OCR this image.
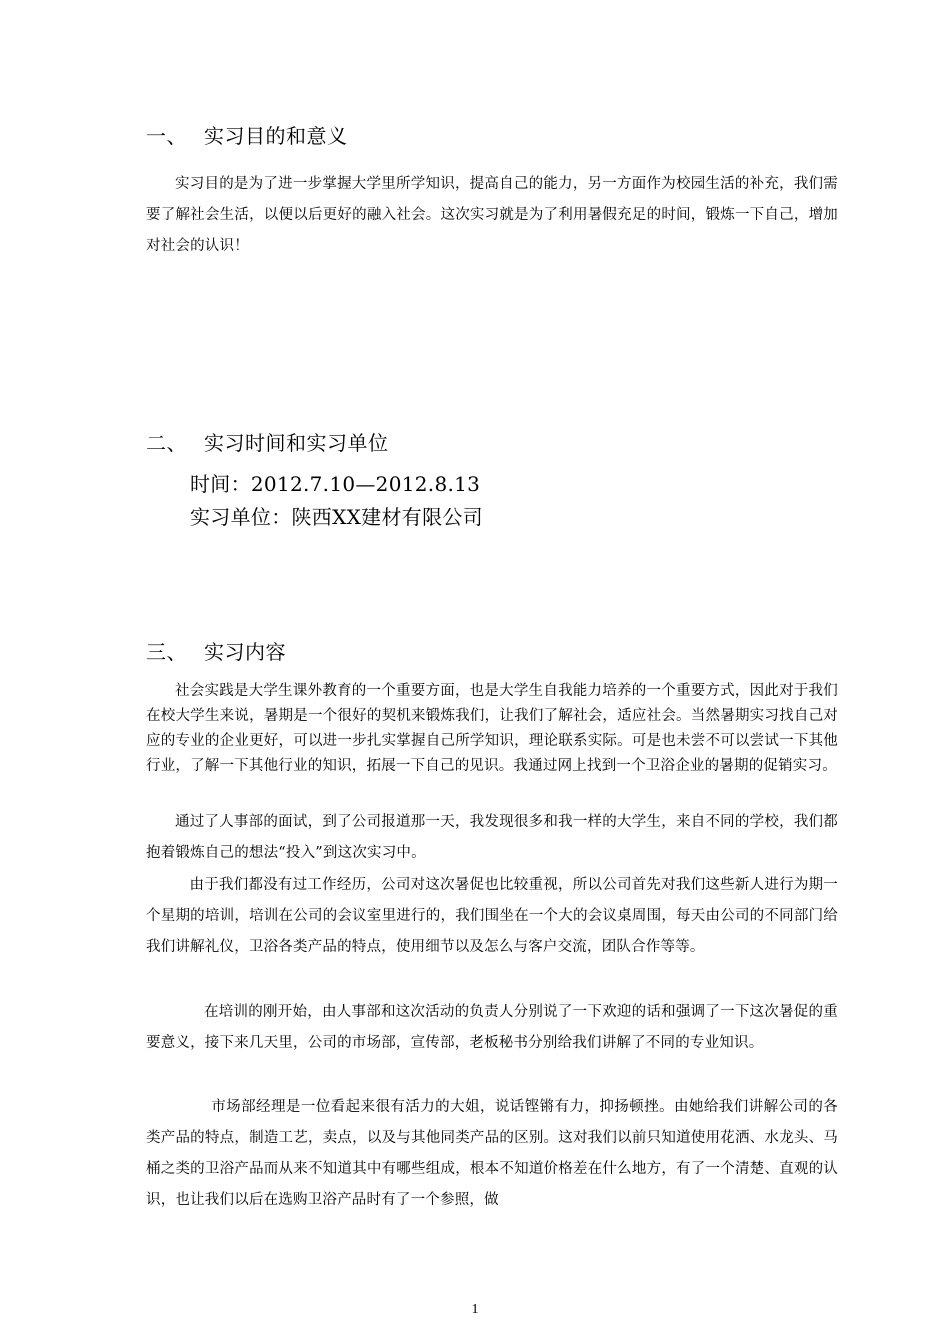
一、 实习目的和意义
实习目的是为了进一步掌握大学里所学知识，提高自己的能力，另一方面作为校园生活的补充，我们需要了解社会生活，以便以后更好的融入社会。这次实习就是为了利用暑假充足的时间，锻炼一下自己，增加对社会的认识！
二、 实习时间和实习单位
时间：2012.7.10—2012.8.13
实习单位：陕西XX建材有限公司
三、 实习内容
社会实践是大学生课外教育的一个重要方面，也是大学生自我能力培养的一个重要方式，因此对于我们在校大学生来说，暑期是一个很好的契机来锻炼我们，让我们了解社会，适应社会。当然暑期实习找自己对应的专业的企业更好，可以进一步扎实掌握自己所学知识，理论联系实际。可是也未尝不可以尝试一下其他行业，了解一下其他行业的知识，拓展一下自己的见识。我通过网上找到一个卫浴企业的暑期的促销实习。
通过了人事部的面试，到了公司报道那一天，我发现很多和我一样的大学生，来自不同的学校，我们都抱着锻炼自己的想法“投入”到这次实习中。
由于我们都没有过工作经历，公司对这次暑促也比较重视，所以公司首先对我们这些新人进行为期一个星期的培训，培训在公司的会议室里进行的，我们围坐在一个大的会议桌周围，每天由公司的不同部门给我们讲解礼仪，卫浴各类产品的特点，使用细节以及怎么与客户交流，团队合作等等。
在培训的刚开始，由人事部和这次活动的负责人分别说了一下欢迎的话和强调了一下这次暑促的重要意义，接下来几天里，公司的市场部，宣传部，老板秘书分别给我们讲解了不同的专业知识。
市场部经理是一位看起来很有活力的大姐，说话铿锵有力，抑扬顿挫。由她给我们讲解公司的各类产品的特点，制造工艺，卖点，以及与其他同类产品的区别。这对我们以前只知道使用花洒、水龙头、马桶之类的卫浴产品而从来不知道其中有哪些组成，根本不知道价格差在什么地方，有了一个清楚、直观的认识，也让我们以后在选购卫浴产品时有了一个参照，做
1
